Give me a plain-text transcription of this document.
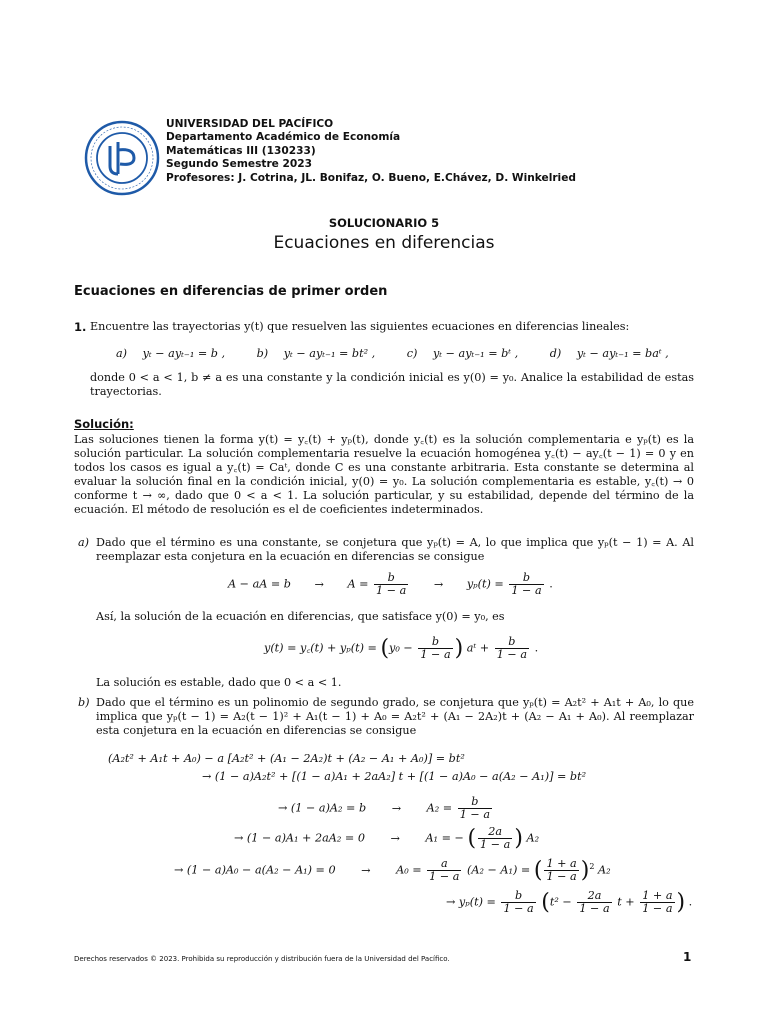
UNIVERSIDAD DEL PACÍFICO
Departamento Académico de Economía
Matemáticas III (130233)
Segundo Semestre 2023
Profesores: J. Cotrina, JL. Bonifaz, O. Bueno, E.Chávez, D. Winkelried
SOLUCIONARIO 5
Ecuaciones en diferencias
Ecuaciones en diferencias de primer orden
1. Encuentre las trayectorias y(t) que resuelven las siguientes ecuaciones en diferencias lineales:
a) yₜ − ayₜ₋₁ = b ,	b) yₜ − ayₜ₋₁ = bt² ,	c) yₜ − ayₜ₋₁ = bᵗ ,	d) yₜ − ayₜ₋₁ = baᵗ ,
donde 0 < a < 1, b ≠ a es una constante y la condición inicial es y(0) = y₀. Analice la estabilidad de estas trayectorias.
Solución:
Las soluciones tienen la forma y(t) = y꜀(t) + yₚ(t), donde y꜀(t) es la solución complementaria e yₚ(t) es la solución particular. La solución complementaria resuelve la ecuación homogénea y꜀(t) − ay꜀(t − 1) = 0 y en todos los casos es igual a y꜀(t) = Caᵗ, donde C es una constante arbitraria. Esta constante se determina al evaluar la solución final en la condición inicial, y(0) = y₀. La solución complementaria es estable, y꜀(t) → 0 conforme t → ∞, dado que 0 < a < 1. La solución particular, y su estabilidad, depende del término de la ecuación. El método de resolución es el de coeficientes indeterminados.
a) Dado que el término es una constante, se conjetura que yₚ(t) = A, lo que implica que yₚ(t − 1) = A. Al reemplazar esta conjetura en la ecuación en diferencias se consigue
A − aA = $b \to A = \frac{b}{1 - a} \to y_p(t) = \frac{b}{1 - a}$ .
Así, la solución de la ecuación en diferencias, que satisface y(0) = y₀, es
y(t) = y꜀(t) + $y_p(t) = (y_0 - \frac{b}{1 - a}$ ) aᵗ + $\frac{b}{1 - a}$ .
La solución es estable, dado que 0 < a < 1.
b) Dado que el término es un polinomio de segundo grado, se conjetura que yₚ(t) = A₂t² + A₁t + A₀, lo que implica que yₚ(t − 1) = A₂(t − 1)² + A₁(t − 1) + A₀ = A₂t² + (A₁ − 2A₂)t + (A₂ − A₁ + A₀). Al reemplazar esta conjetura en la ecuación en diferencias se consigue
(A₂t² + A₁t + A₀) − a [A₂t² + (A₁ − 2A₂)t + (A₂ − A₁ + A₀)] = bt²
→ (1 − a)A₂t² + [(1 − a)A₁ + 2aA₂] t + [(1 − a)A₀ − a(A₂ − A₁)] = bt²
→ $(1 - a)A_2 = b \to A_2 = \frac{b}{1 - a}$
→ (1 − a)A₁ + 2aA₂ = 0 → A₁ = − ( $\frac{2a}{1 - a}$ ) A₂
→ $(1 - a)A_0 - a(A_2 - A_1) = 0 \to A_0 = \frac{a}{1 - a} (A_2 - A_1)$ = ( $\frac{1 + a}{1 - a} )^2$ A₂
→ $y_p(t) = \frac{b}{1 - a} (t^2 - \frac{2a}{1 - a}$ $t + \frac{1 + a}{1 - a}$ ) .
Derechos reservados © 2023. Prohibida su reproducción y distribución fuera de la Universidad del Pacífico.	1
